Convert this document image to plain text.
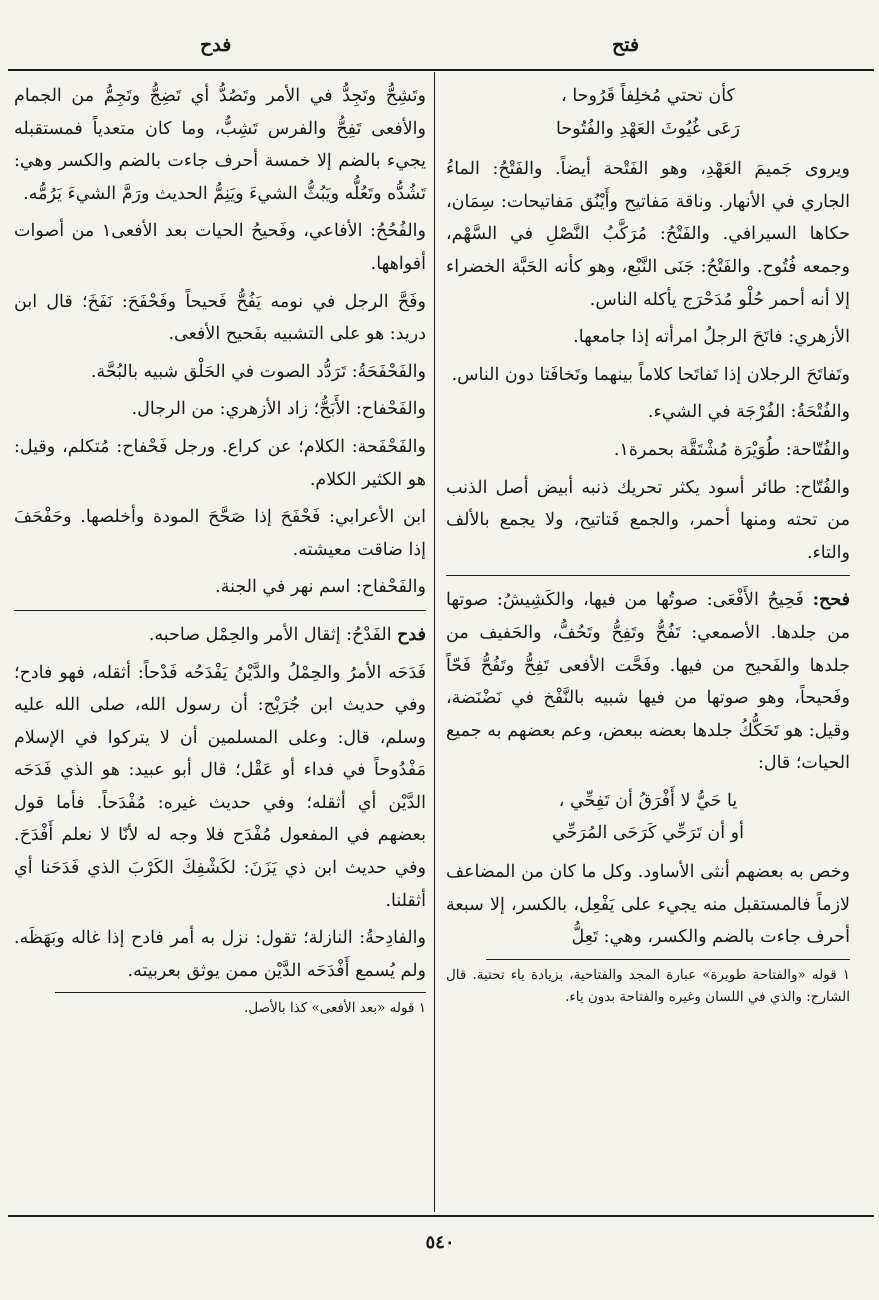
فتح
فدح

كأن تحتي مُخلِفاً قَرُوحا ،

رَعَى غُيُوثَ العَهْدِ والفُتُوحا

ويروى جَميمَ العَهْدِ، وهو الفَتْحة أيضاً. والفَتْحُ: الماءُ الجاري في الأنهار. وناقة مَفاتيح وأَيْنُق مَفاتيحات: سِمَان، حكاها السيرافي. والفَتْحُ: مُرَكَّبُ النَّصْلِ في السَّهْم، وجمعه فُتُوح. والفَتْحُ: جَنَى النَّبْع، وهو كأنه الحَبَّة الخضراء إلا أنه أحمر حُلْو مُدَحْرَج يأكله الناس.

الأزهري: فاتَحَ الرجلُ امرأته إذا جامعها.

وتَفاتَحَ الرجلان إذا تَفاتَحا كلاماً بينهما وتَخافَتا دون الناس.

والفُتْحَةُ: الفُرْجَة في الشيء.

والفُتّاحة: طُوَيْرَة مُشْتَقَّة بحمرة١.

والفُتّاح: طائر أسود يكثر تحريك ذنبه أبيض أصل الذنب من تحته ومنها أحمر، والجمع فَتاتيح، ولا يجمع بالألف والتاء.

فحح: فَحِيحُ الأَفْعَى: صوتُها من فيها، والكَشِيشُ: صوتها من جلدها. الأصمعي: تَفُحُّ وتَفِحُّ وتَحُفُّ، والحَفيف من جلدها والفَحيح من فيها. وفَحَّت الأفعى تَفِحُّ وتَفُحُّ فَحّاً وفَحيحاً، وهو صوتها من فيها شبيه بالنَّفْخ في نَضْنَضة، وقيل: هو تَحَكُّكُ جلدها بعضه ببعض، وعم بعضهم به جميع الحيات؛ قال:

يا حَيُّ لا أَفْرَقُ أن تَفِحِّي ،

أو أن تَرَحِّي كَرَحَى المُرَحِّي

وخص به بعضهم أنثى الأساود. وكل ما كان من المضاعف لازماً فالمستقبل منه يجيء على يَفْعِل، بالكسر، إلا سبعة أحرف جاءت بالضم والكسر، وهي: تَعِلُّ

١ قوله «والفتاحة طويرة» عبارة المجد والفتاحية، بزيادة ياء تحتية. قال الشارح: والذي في اللسان وغيره والفتاحة بدون ياء.

وتَشِحُّ وتَجِدُّ في الأمر وتَصُدُّ أي تَضِجُّ وتَجِمُّ من الجمام والأفعى تَفِحُّ والفرس تَشِبُّ، وما كان متعدياً فمستقبله يجيء بالضم إلا خمسة أحرف جاءت بالضم والكسر وهي: تَشُدُّه وتَعُلُّه ويَبُثُّ الشيءَ ويَنِمُّ الحديث ورَمَّ الشيءَ يَرُمُّه.

والفُحُحُ: الأفاعي، وفَحيحُ الحيات بعد الأفعى١ من أصوات أفواهها.

وفَحَّ الرجل في نومه يَفُحُّ فَحيحاً وفَحْفَحَ: نَفَخَ؛ قال ابن دريد: هو على التشبيه بفَحيح الأفعى.

والفَحْفَحَةُ: تَرَدُّد الصوت في الحَلْق شبيه بالبُحَّة.

والفَحْفاح: الأَبَحُّ؛ زاد الأزهري: من الرجال.

والفَحْفَحة: الكلام؛ عن كراع. ورجل فَحْفاح: مُتكلم، وقيل: هو الكثير الكلام.

ابن الأعرابي: فَحْفَحَ إذا صَحَّحَ المودة وأخلصها. وحَفْحَفَ إذا ضاقت معيشته.

والفَحْفاح: اسم نهر في الجنة.

فدح الفَدْحُ: إثقال الأمر والحِمْل صاحبه.

فَدَحَه الأمرُ والحِمْلُ والدَّيْنُ يَفْدَحُه فَدْحاً: أثقله، فهو فادح؛ وفي حديث ابن جُرَيْج: أن رسول الله، صلى الله عليه وسلم، قال: وعلى المسلمين أن لا يتركوا في الإسلام مَفْدُوحاً في فداء أو عَقْل؛ قال أبو عبيد: هو الذي فَدَحَه الدَّيْن أي أثقله؛ وفي حديث غيره: مُفْدَحاً. فأما قول بعضهم في المفعول مُفْدَح فلا وجه له لأنّا لا نعلم أَفْدَحَ. وفي حديث ابن ذي يَزَنَ: لكَشْفِكَ الكَرْبَ الذي فَدَحَنا أي أثقلنا.

والفادِحةُ: النازلة؛ تقول: نزل به أمر فادح إذا غاله وبَهَظَه. ولم يُسمع أَفْدَحَه الدَّيْن ممن يوثق بعربيته.

١ قوله «بعد الأفعى» كذا بالأصل.

٥٤٠
